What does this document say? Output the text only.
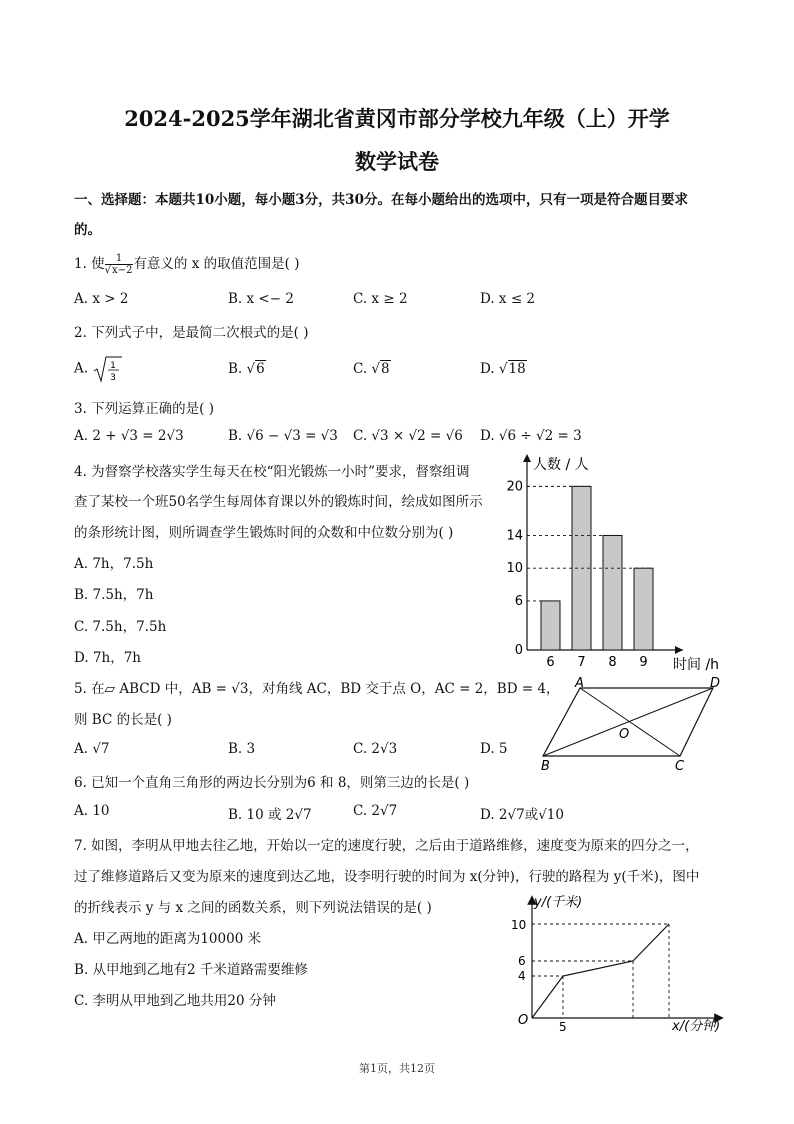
2024-2025学年湖北省黄冈市部分学校九年级（上）开学
数学试卷
一、选择题：本题共10小题，每小题3分，共30分。在每小题给出的选项中，只有一项是符合题目要求
的。
1. 使 $\frac{1}{√x-2}$ 有意义的 x 的取值范围是( )
A. x > 2	B. x <− 2	C. x ≥ 2	D. x ≤ 2
2. 下列式子中，是最简二次根式的是( )
A. 1
3
B. √6	C. √8	D. √18
3. 下列运算正确的是( )
A. 2 + √3 = 2√3	B. √6 − √3 = √3 C. √3 × √2 = √6 D. √6 ÷ √2 = 3
4. 为督察学校落实学生每天在校“阳光锻炼一小时”要求，督察组调
查了某校一个班50名学生每周体育课以外的锻炼时间，绘成如图所示
的条形统计图，则所调查学生锻炼时间的众数和中位数分别为( )
A. 7h，7.5h
B. 7.5h，7h
C. 7.5h，7.5h
D. 7h，7h
人数 / 人
时间 /h
6 7 8 9
0
6
10
14
20
5. 在▱ ABCD 中，AB = √3，对角线 AC，BD 交于点 O，AC = 2，BD = 4，
则 BC 的长是( )
A. √7	B. 3	C. 2√3	D. 5
A	D
B	C
O
6. 已知一个直角三角形的两边长分别为6 和 8，则第三边的长是( )
A. 10	B. 10 或 2√7	C. 2√7	D. 2√7或√10
7. 如图，李明从甲地去往乙地，开始以一定的速度行驶，之后由于道路维修，速度变为原来的四分之一，
过了维修道路后又变为原来的速度到达乙地，设李明行驶的时间为 x(分钟)，行驶的路程为 y(千米)，图中
的折线表示 y 与 x 之间的函数关系，则下列说法错误的是( )
A. 甲乙两地的距离为10000 米
B. 从甲地到乙地有2 千米道路需要维修
C. 李明从甲地到乙地共用20 分钟
y/(千米)
x/(分钟)
O
10
6
4
5
第1页，共12页
